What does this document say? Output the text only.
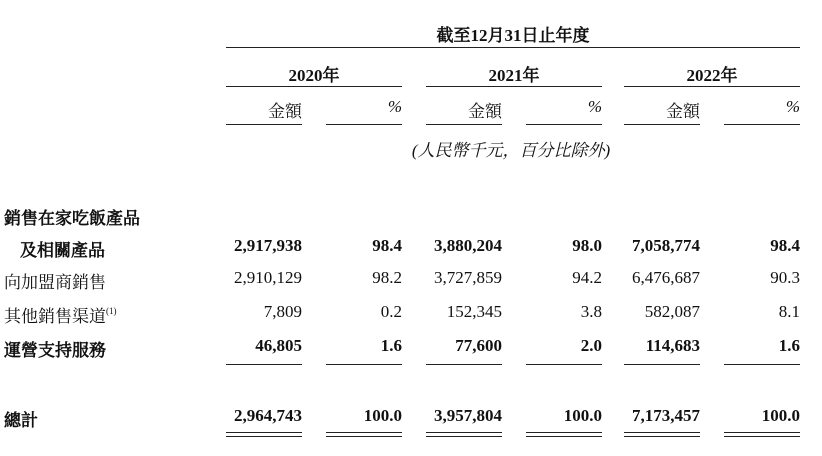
截至12月31日止年度
2020年	2021年	2022年
金額	%	金額	%	金額	%
(人民幣千元，百分比除外)
銷售在家吃飯產品
及相關產品	2,917,938	98.4	3,880,204	98.0	7,058,774	98.4
向加盟商銷售	2,910,129	98.2	3,727,859	94.2	6,476,687	90.3
其他銷售渠道$^{(1)}$	7,809	0.2	152,345	3.8	582,087	8.1
運營支持服務	46,805	1.6	77,600	2.0	114,683	1.6
總計	2,964,743	100.0	3,957,804	100.0	7,173,457	100.0
